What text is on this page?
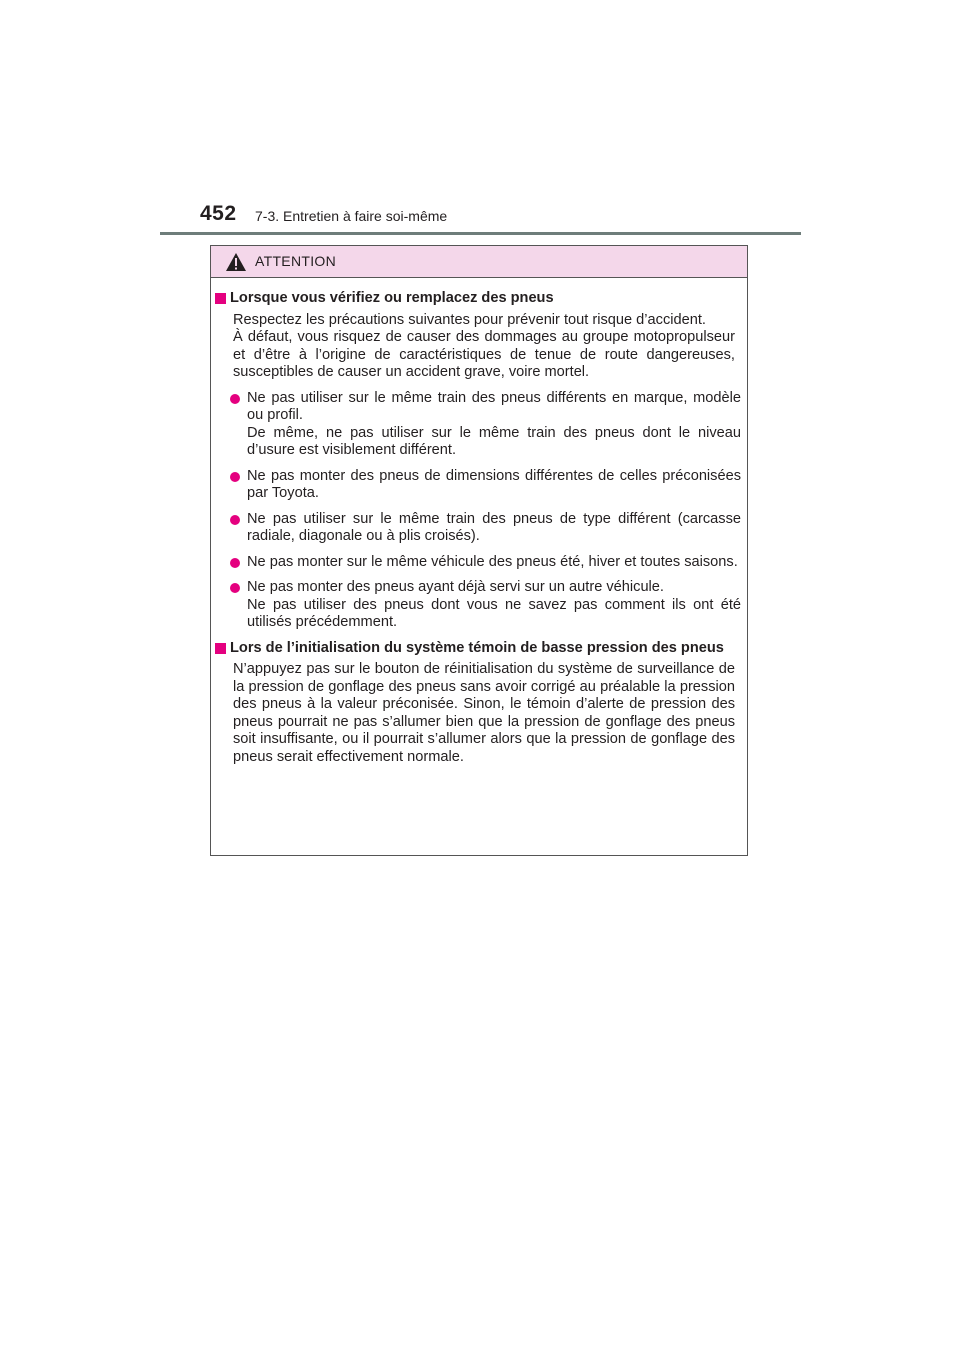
452 7-3. Entretien à faire soi-même
ATTENTION
Lorsque vous vérifiez ou remplacez des pneus

Respectez les précautions suivantes pour prévenir tout risque d’accident.

À défaut, vous risquez de causer des dommages au groupe motopropulseur et d’être à l’origine de caractéristiques de tenue de route dangereuses, susceptibles de causer un accident grave, voire mortel.

Ne pas utiliser sur le même train des pneus différents en marque, modèle ou profil.

De même, ne pas utiliser sur le même train des pneus dont le niveau d’usure est visiblement différent.

Ne pas monter des pneus de dimensions différentes de celles préconisées par Toyota.

Ne pas utiliser sur le même train des pneus de type différent (carcasse radiale, diagonale ou à plis croisés).

Ne pas monter sur le même véhicule des pneus été, hiver et toutes saisons.

Ne pas monter des pneus ayant déjà servi sur un autre véhicule.

Ne pas utiliser des pneus dont vous ne savez pas comment ils ont été utilisés précédemment.

Lors de l’initialisation du système témoin de basse pression des pneus

N’appuyez pas sur le bouton de réinitialisation du système de surveillance de la pression de gonflage des pneus sans avoir corrigé au préalable la pression des pneus à la valeur préconisée. Sinon, le témoin d’alerte de pression des pneus pourrait ne pas s’allumer bien que la pression de gonflage des pneus soit insuffisante, ou il pourrait s’allumer alors que la pression de gonflage des pneus serait effectivement normale.
